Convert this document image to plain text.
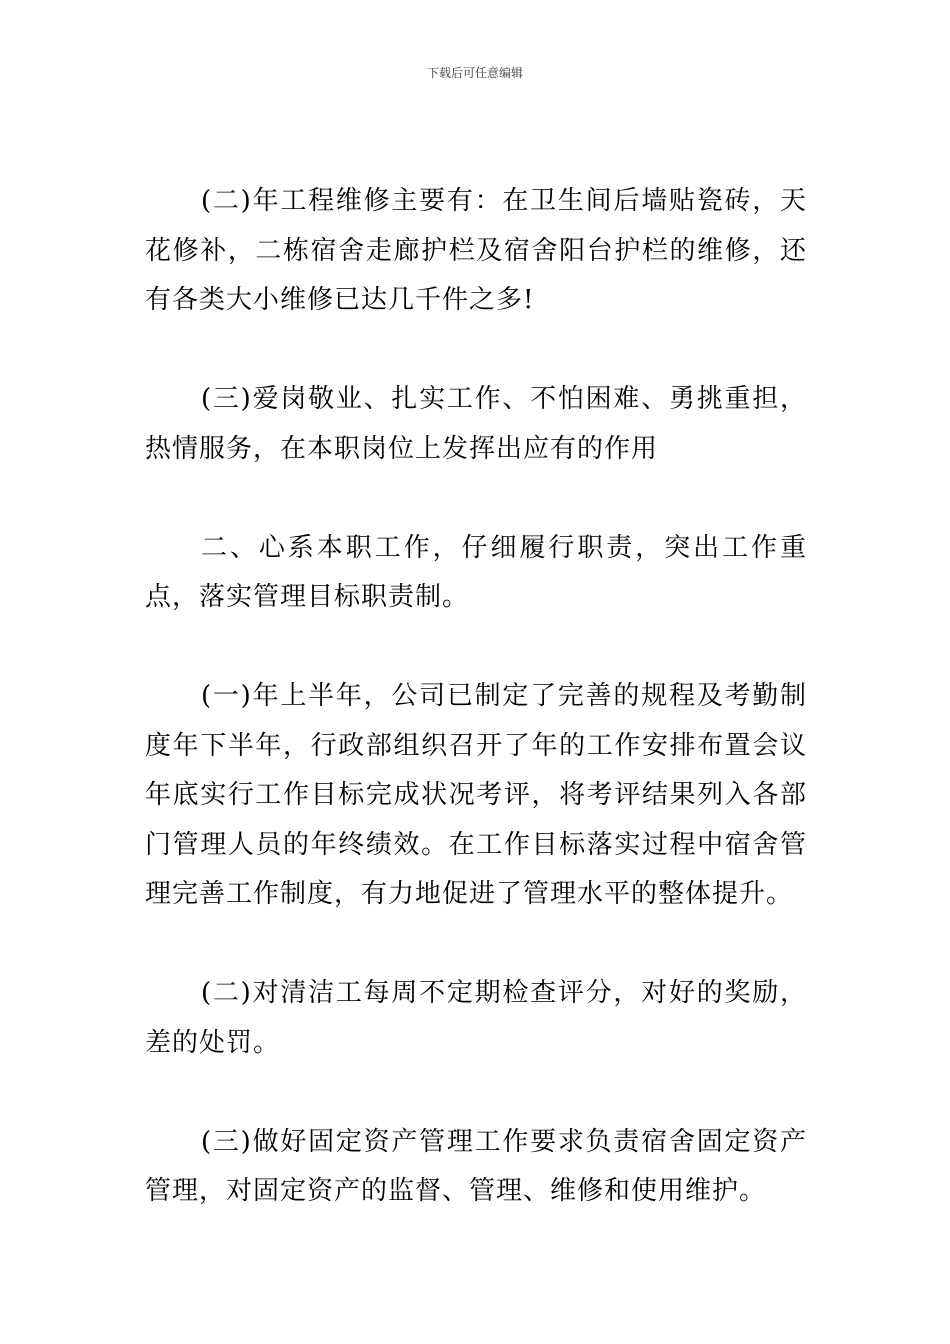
下载后可任意编辑

(二)年工程维修主要有：在卫生间后墙贴瓷砖，天花修补，二栋宿舍走廊护栏及宿舍阳台护栏的维修，还有各类大小维修已达几千件之多!

(三)爱岗敬业、扎实工作、不怕困难、勇挑重担，热情服务，在本职岗位上发挥出应有的作用

二、心系本职工作，仔细履行职责，突出工作重点，落实管理目标职责制。

(一)年上半年，公司已制定了完善的规程及考勤制度年下半年，行政部组织召开了年的工作安排布置会议年底实行工作目标完成状况考评，将考评结果列入各部门管理人员的年终绩效。在工作目标落实过程中宿舍管理完善工作制度，有力地促进了管理水平的整体提升。

(二)对清洁工每周不定期检查评分，对好的奖励，差的处罚。

(三)做好固定资产管理工作要求负责宿舍固定资产管理，对固定资产的监督、管理、维修和使用维护。
